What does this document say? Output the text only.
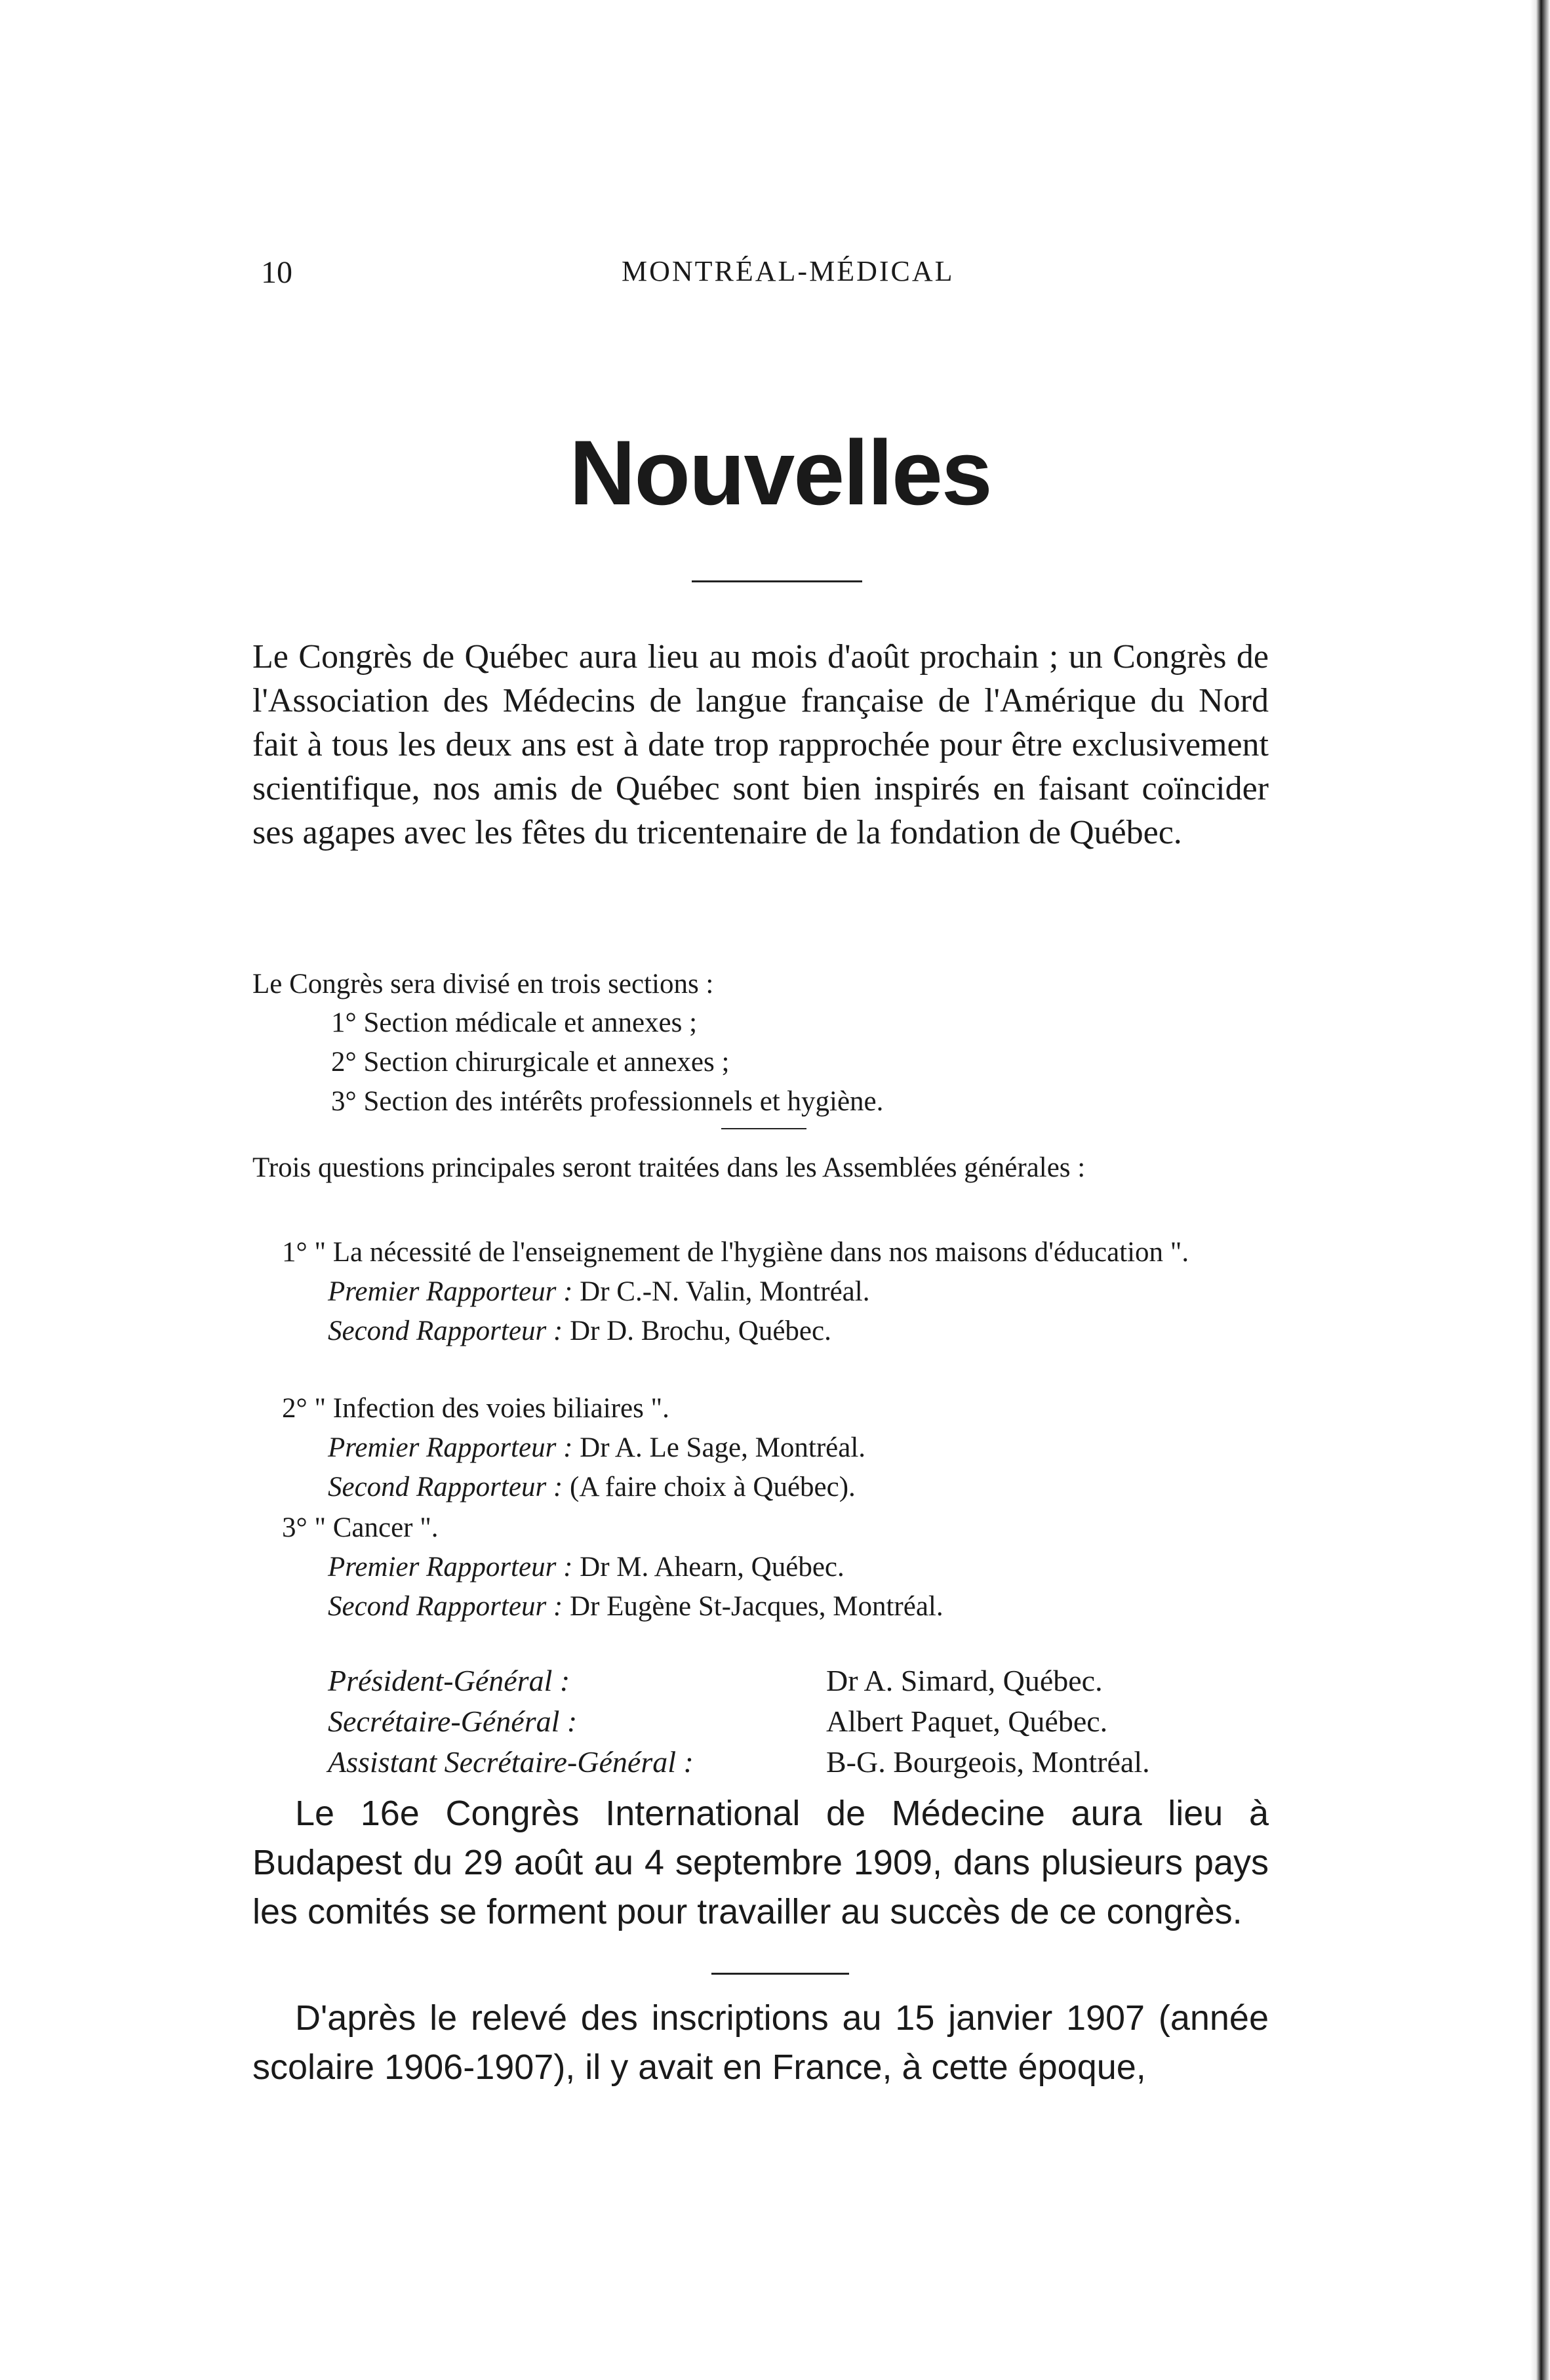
10	MONTRÉAL-MÉDICAL
Nouvelles

Le Congrès de Québec aura lieu au mois d'août prochain ; un Congrès de l'Association des Médecins de langue française de l'Amérique du Nord fait à tous les deux ans est à date trop rapprochée pour être exclusivement scientifique, nos amis de Québec sont bien inspirés en faisant coïncider ses agapes avec les fêtes du tricentenaire de la fondation de Québec.

Le Congrès sera divisé en trois sections :

1° Section médicale et annexes ;
2° Section chirurgicale et annexes ;
3° Section des intérêts professionnels et hygiène.

Trois questions principales seront traitées dans les Assemblées générales :

1° " La nécessité de l'enseignement de l'hygiène dans nos maisons d'éducation ".
Premier Rapporteur : Dr C.-N. Valin, Montréal.
Second Rapporteur : Dr D. Brochu, Québec.
2° " Infection des voies biliaires ".
Premier Rapporteur : Dr A. Le Sage, Montréal.
Second Rapporteur : (A faire choix à Québec).
3° " Cancer ".
Premier Rapporteur : Dr M. Ahearn, Québec.
Second Rapporteur : Dr Eugène St-Jacques, Montréal.
Président-Général :	Dr A. Simard, Québec.
Secrétaire-Général :	Albert Paquet, Québec.
Assistant Secrétaire-Général :	B-G. Bourgeois, Montréal.

Le 16e Congrès International de Médecine aura lieu à Budapest du 29 août au 4 septembre 1909, dans plusieurs pays les comités se forment pour travailler au succès de ce congrès.

D'après le relevé des inscriptions au 15 janvier 1907 (année scolaire 1906-1907), il y avait en France, à cette époque,
